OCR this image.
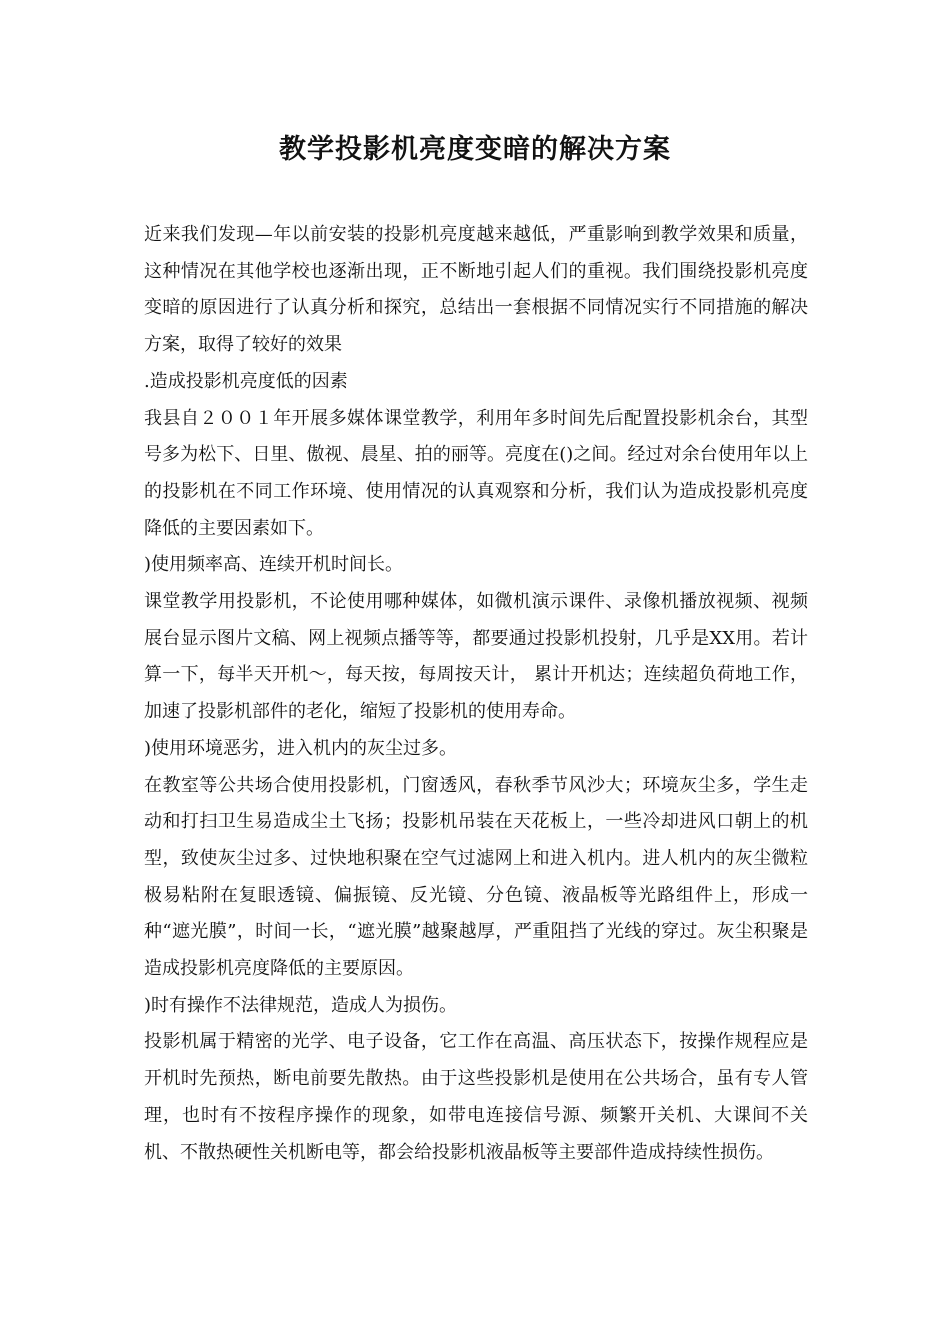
教学投影机亮度变暗的解决方案

近来我们发现—年以前安装的投影机亮度越来越低，严重影响到教学效果和质量，这种情况在其他学校也逐渐出现，正不断地引起人们的重视。我们围绕投影机亮度变暗的原因进行了认真分析和探究，总结出一套根据不同情况实行不同措施的解决方案，取得了较好的效果

.造成投影机亮度低的因素

我县自２００１年开展多媒体课堂教学，利用年多时间先后配置投影机余台，其型号多为松下、日里、傲视、晨星、拍的丽等。亮度在()之间。经过对余台使用年以上的投影机在不同工作环境、使用情况的认真观察和分析，我们认为造成投影机亮度降低的主要因素如下。

)使用频率高、连续开机时间长。

课堂教学用投影机，不论使用哪种媒体，如微机演示课件、录像机播放视频、视频展台显示图片文稿、网上视频点播等等，都要通过投影机投射，几乎是XX用。若计算一下，每半天开机～，每天按，每周按天计， 累计开机达；连续超负荷地工作，加速了投影机部件的老化，缩短了投影机的使用寿命。

)使用环境恶劣，进入机内的灰尘过多。

在教室等公共场合使用投影机，门窗透风，春秋季节风沙大；环境灰尘多，学生走动和打扫卫生易造成尘土飞扬；投影机吊装在天花板上，一些冷却进风口朝上的机型，致使灰尘过多、过快地积聚在空气过滤网上和进入机内。进人机内的灰尘微粒极易粘附在复眼透镜、偏振镜、反光镜、分色镜、液晶板等光路组件上，形成一种“遮光膜”，时间一长，“遮光膜”越聚越厚，严重阻挡了光线的穿过。灰尘积聚是造成投影机亮度降低的主要原因。

)时有操作不法律规范，造成人为损伤。

投影机属于精密的光学、电子设备，它工作在高温、高压状态下，按操作规程应是开机时先预热，断电前要先散热。由于这些投影机是使用在公共场合，虽有专人管理，也时有不按程序操作的现象，如带电连接信号源、频繁开关机、大课间不关机、不散热硬性关机断电等，都会给投影机液晶板等主要部件造成持续性损伤。
